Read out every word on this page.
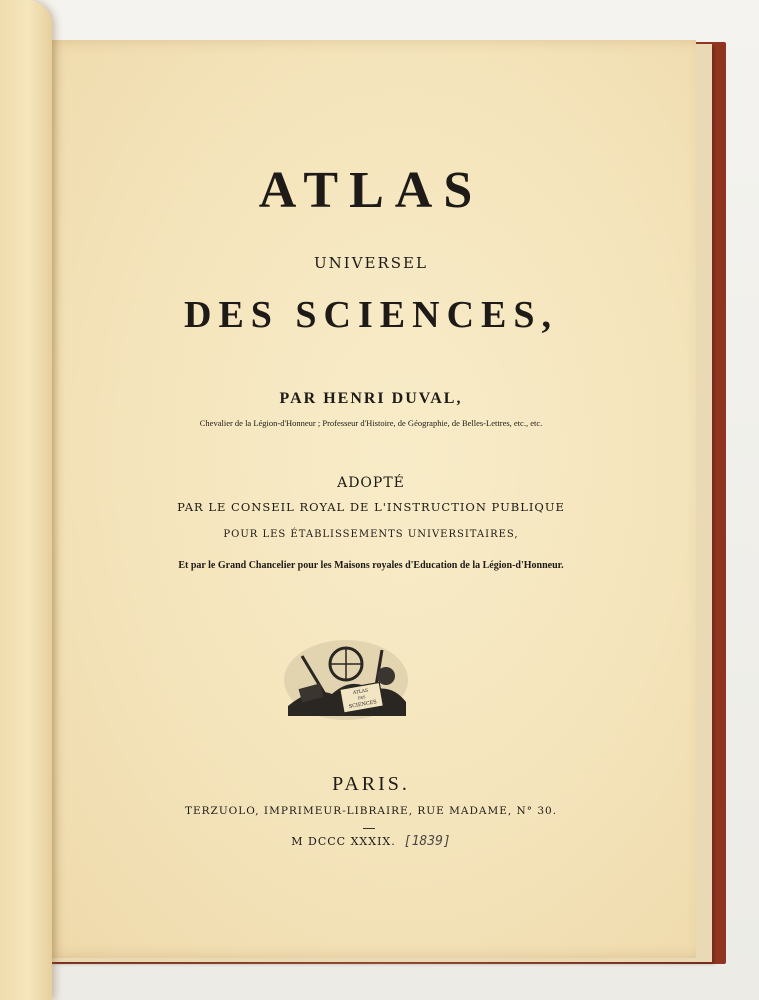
ATLAS
UNIVERSEL
DES SCIENCES,
PAR HENRI DUVAL,
Chevalier de la Légion-d'Honneur ; Professeur d'Histoire, de Géographie, de Belles-Lettres, etc., etc.
ADOPTÉ
PAR LE CONSEIL ROYAL DE L'INSTRUCTION PUBLIQUE
POUR LES ÉTABLISSEMENTS UNIVERSITAIRES,
Et par le Grand Chancelier pour les Maisons royales d'Education de la Légion-d'Honneur.
ATLAS
DES
SCIENCES
PARIS.
TERZUOLO, IMPRIMEUR-LIBRAIRE, RUE MADAME, N° 30.
M DCCC XXXIX. [1839]
